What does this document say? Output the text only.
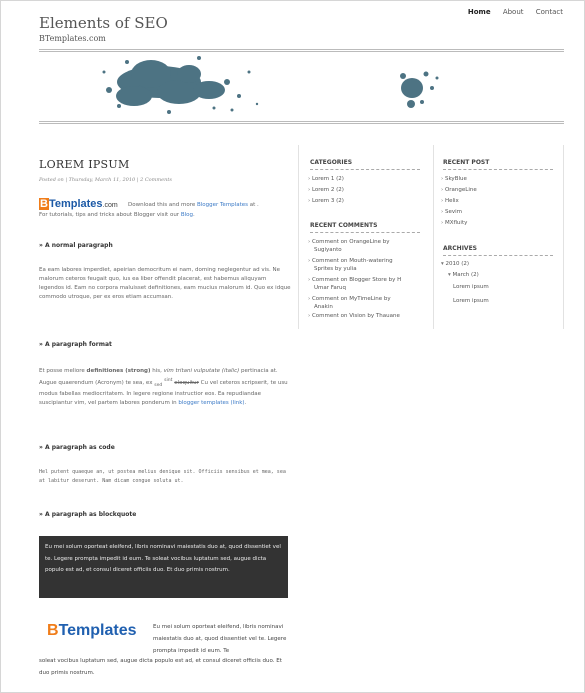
Elements of SEO
BTemplates.com
Home About Contact
LOREM IPSUM
Posted on | Thursday, March 11, 2010 | 2 Comments
BTemplates.com Download this and more Blogger Templates at .
For tutorials, tips and tricks about Blogger visit our Blog.
» A normal paragraph
Ea eam labores imperdiet, apeirian democritum ei nam, doming neglegentur ad vis. Ne malorum ceteros feugait quo, ius ea liber offendit placerat, est habemus aliquyam legendos id. Eam no corpora maluisset definitiones, eam mucius malorum id. Quo ex idque commodo utroque, per ex eros etiam accumsan.
» A paragraph format
Et posse meliore definitiones (strong) his, vim tritani vulputate (italic) pertinacia at. Augue quaerendum (Acronym) te sea, ex $_{sed}$ $^{sint}$ eloquitur Cu vel ceteros scripserit, te usu modus fabellas mediocritatem. In legere regione instructior eos. Ea repudiandae suscipiantur vim, vel partem labores ponderum in blogger templates (link).
» A paragraph as code
Hel putent quaeque an, ut postea melius denique sit. Officiis sensibus et mea, sea at labitur deserunt. Nam dicam congue soluta ut.
» A paragraph as blockquote
Eu mei solum oporteat eleifend, libris nominavi maiestatis duo at, quod dissentiet vel te. Legere prompta impedit id eum. Te soleat vocibus luptatum sed, augue dicta populo est ad, et consul diceret officiis duo. Et duo primis nostrum.
BTemplates	Eu mei solum oporteat eleifend, libris nominavi maiestatis duo at, quod dissentiet vel te. Legere prompta impedit id eum. Te
soleat vocibus luptatum sed, augue dicta populo est ad, et consul diceret officiis duo. Et duo primis nostrum.
CATEGORIES
› Lorem 1 (2)
› Lorem 2 (2)
› Lorem 3 (2)
RECENT COMMENTS
› Comment on OrangeLine by
Sugiyanto
› Comment on Mouth-watering
Sprites by yulia
› Comment on Blogger Store by H
Umar Faruq
› Comment on MyTimeLine by
Anakin
› Comment on Vision by Thauane
RECENT POST
› SkyBlue
› OrangeLine
› Helix
› Sevim
› MXfluity
ARCHIVES
▾ 2010 (2)
▾ March (2)
Lorem ipsum
Lorem ipsum
